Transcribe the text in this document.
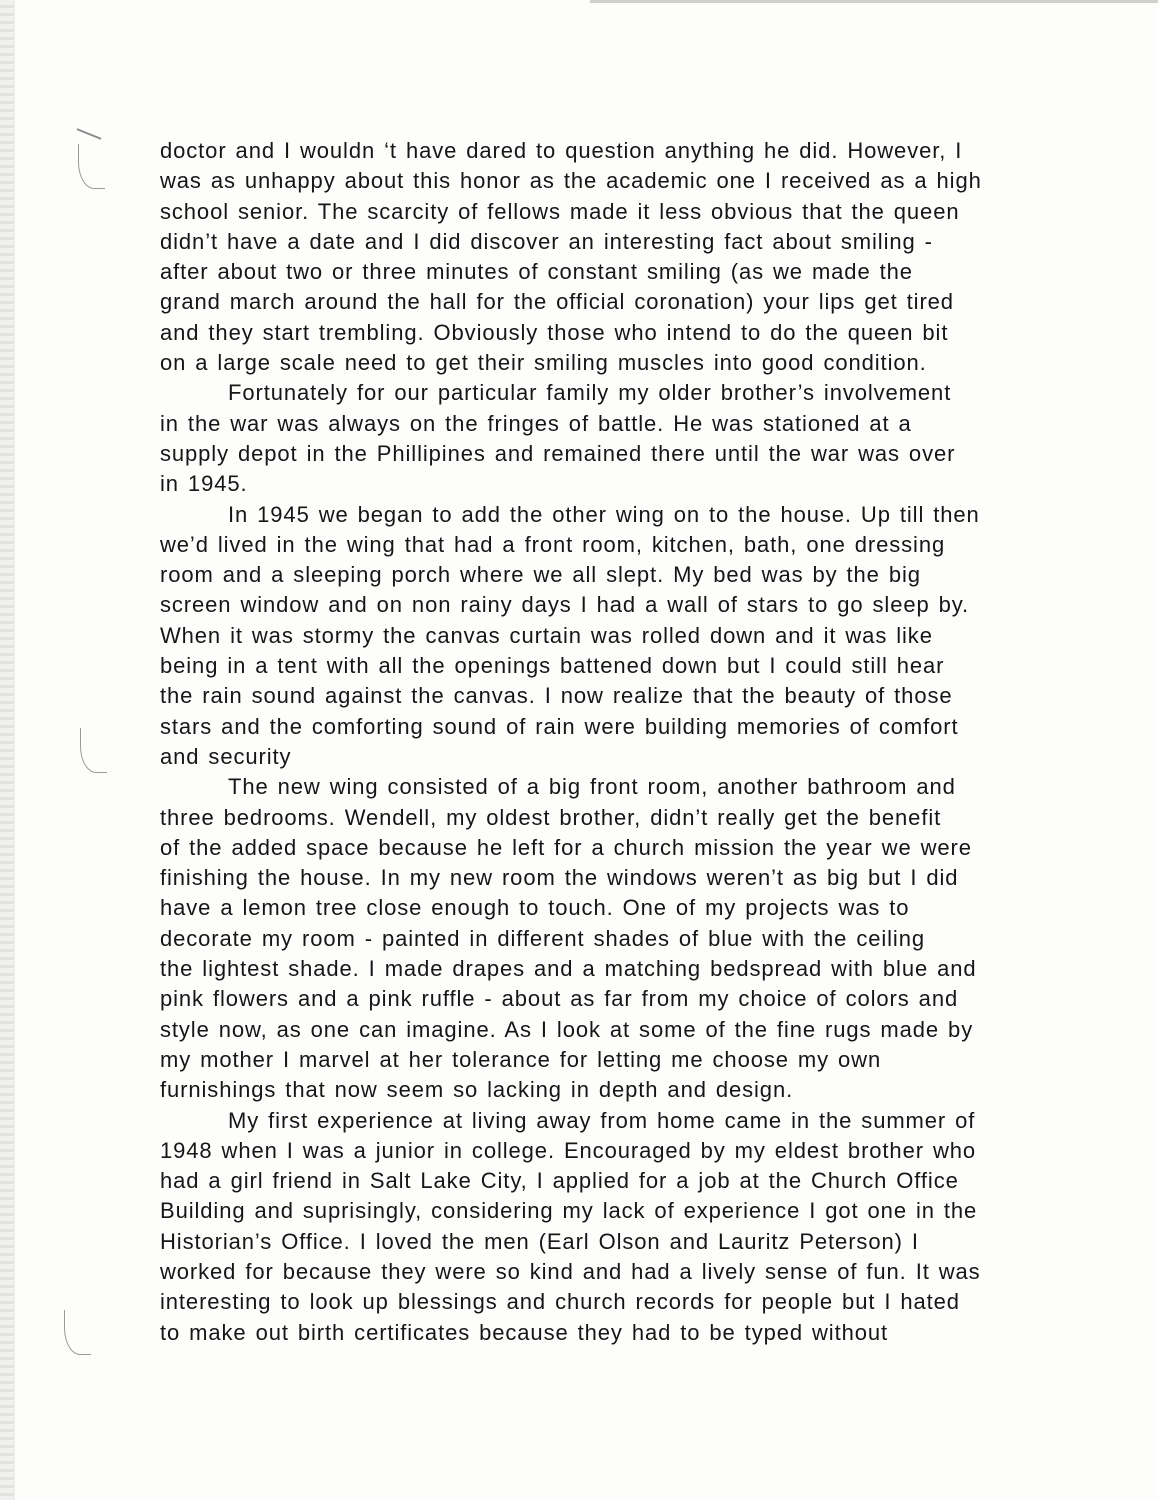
doctor and I wouldn ‘t have dared to question anything he did. However, I
was as unhappy about this honor as the academic one I received as a high
school senior. The scarcity of fellows made it less obvious that the queen
didn’t have a date and I did discover an interesting fact about smiling -
after about two or three minutes of constant smiling (as we made the
grand march around the hall for the official coronation) your lips get tired
and they start trembling. Obviously those who intend to do the queen bit
on a large scale need to get their smiling muscles into good condition.
Fortunately for our particular family my older brother’s involvement
in the war was always on the fringes of battle. He was stationed at a
supply depot in the Phillipines and remained there until the war was over
in 1945.
In 1945 we began to add the other wing on to the house. Up till then
we’d lived in the wing that had a front room, kitchen, bath, one dressing
room and a sleeping porch where we all slept. My bed was by the big
screen window and on non rainy days I had a wall of stars to go sleep by.
When it was stormy the canvas curtain was rolled down and it was like
being in a tent with all the openings battened down but I could still hear
the rain sound against the canvas. I now realize that the beauty of those
stars and the comforting sound of rain were building memories of comfort
and security
The new wing consisted of a big front room, another bathroom and
three bedrooms. Wendell, my oldest brother, didn’t really get the benefit
of the added space because he left for a church mission the year we were
finishing the house. In my new room the windows weren’t as big but I did
have a lemon tree close enough to touch. One of my projects was to
decorate my room - painted in different shades of blue with the ceiling
the lightest shade. I made drapes and a matching bedspread with blue and
pink flowers and a pink ruffle - about as far from my choice of colors and
style now, as one can imagine. As I look at some of the fine rugs made by
my mother I marvel at her tolerance for letting me choose my own
furnishings that now seem so lacking in depth and design.
My first experience at living away from home came in the summer of
1948 when I was a junior in college. Encouraged by my eldest brother who
had a girl friend in Salt Lake City, I applied for a job at the Church Office
Building and suprisingly, considering my lack of experience I got one in the
Historian’s Office. I loved the men (Earl Olson and Lauritz Peterson) I
worked for because they were so kind and had a lively sense of fun. It was
interesting to look up blessings and church records for people but I hated
to make out birth certificates because they had to be typed without
